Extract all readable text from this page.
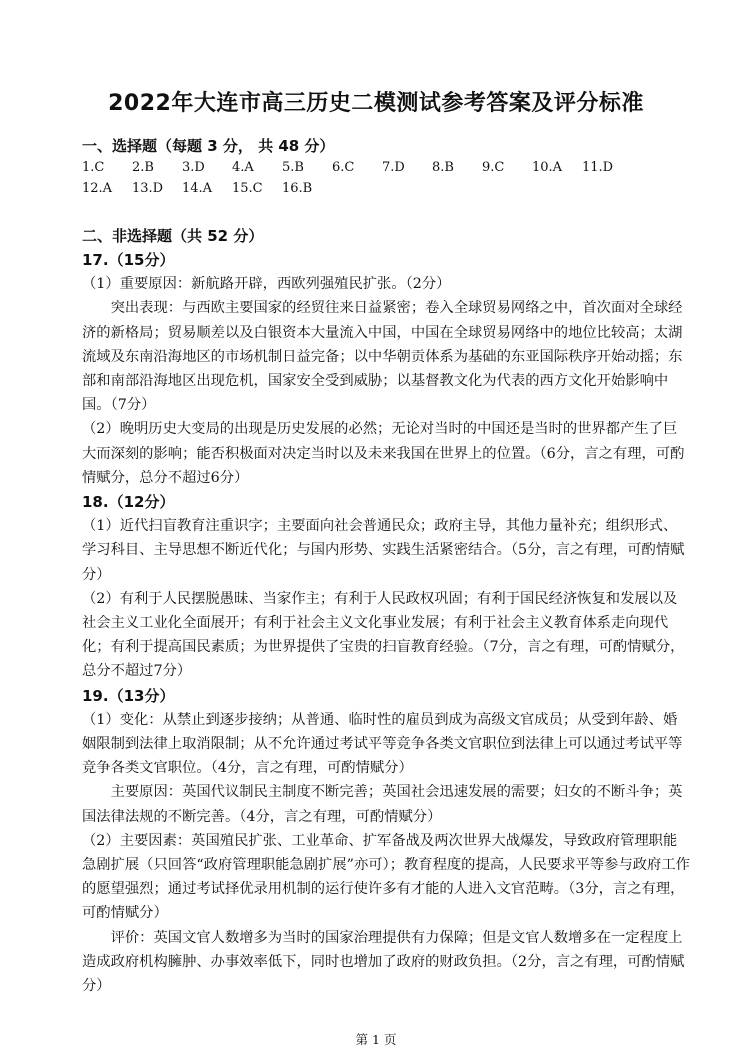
2022年大连市高三历史二模测试参考答案及评分标准
一、选择题（每题 3 分， 共 48 分）
1.C	2.B	3.D	4.A	5.B	6.C	7.D	8.B	9.C	10.A	11.D
12.A	13.D	14.A	15.C	16.B
二、非选择题（共 52 分）
17.（15分）

（1）重要原因：新航路开辟，西欧列强殖民扩张。（2分）

突出表现：与西欧主要国家的经贸往来日益紧密；卷入全球贸易网络之中，首次面对全球经济的新格局；贸易顺差以及白银资本大量流入中国，中国在全球贸易网络中的地位比较高；太湖流域及东南沿海地区的市场机制日益完备；以中华朝贡体系为基础的东亚国际秩序开始动摇；东部和南部沿海地区出现危机，国家安全受到威胁；以基督教文化为代表的西方文化开始影响中国。（7分）

（2）晚明历史大变局的出现是历史发展的必然；无论对当时的中国还是当时的世界都产生了巨大而深刻的影响；能否积极面对决定当时以及未来我国在世界上的位置。（6分，言之有理，可酌情赋分，总分不超过6分）

18.（12分）

（1）近代扫盲教育注重识字；主要面向社会普通民众；政府主导，其他力量补充；组织形式、学习科目、主导思想不断近代化；与国内形势、实践生活紧密结合。（5分，言之有理，可酌情赋分）

（2）有利于人民摆脱愚昧、当家作主；有利于人民政权巩固；有利于国民经济恢复和发展以及社会主义工业化全面展开；有利于社会主义文化事业发展；有利于社会主义教育体系走向现代化；有利于提高国民素质；为世界提供了宝贵的扫盲教育经验。（7分，言之有理，可酌情赋分，总分不超过7分）

19.（13分）

（1）变化：从禁止到逐步接纳；从普通、临时性的雇员到成为高级文官成员；从受到年龄、婚姻限制到法律上取消限制；从不允许通过考试平等竞争各类文官职位到法律上可以通过考试平等竞争各类文官职位。（4分，言之有理，可酌情赋分）

主要原因：英国代议制民主制度不断完善；英国社会迅速发展的需要；妇女的不断斗争；英国法律法规的不断完善。（4分，言之有理，可酌情赋分）

（2）主要因素：英国殖民扩张、工业革命、扩军备战及两次世界大战爆发，导致政府管理职能急剧扩展（只回答“政府管理职能急剧扩展”亦可）；教育程度的提高，人民要求平等参与政府工作的愿望强烈；通过考试择优录用机制的运行使许多有才能的人进入文官范畴。（3分，言之有理，可酌情赋分）

评价：英国文官人数增多为当时的国家治理提供有力保障；但是文官人数增多在一定程度上造成政府机构臃肿、办事效率低下，同时也增加了政府的财政负担。（2分，言之有理，可酌情赋分）

第 1 页
